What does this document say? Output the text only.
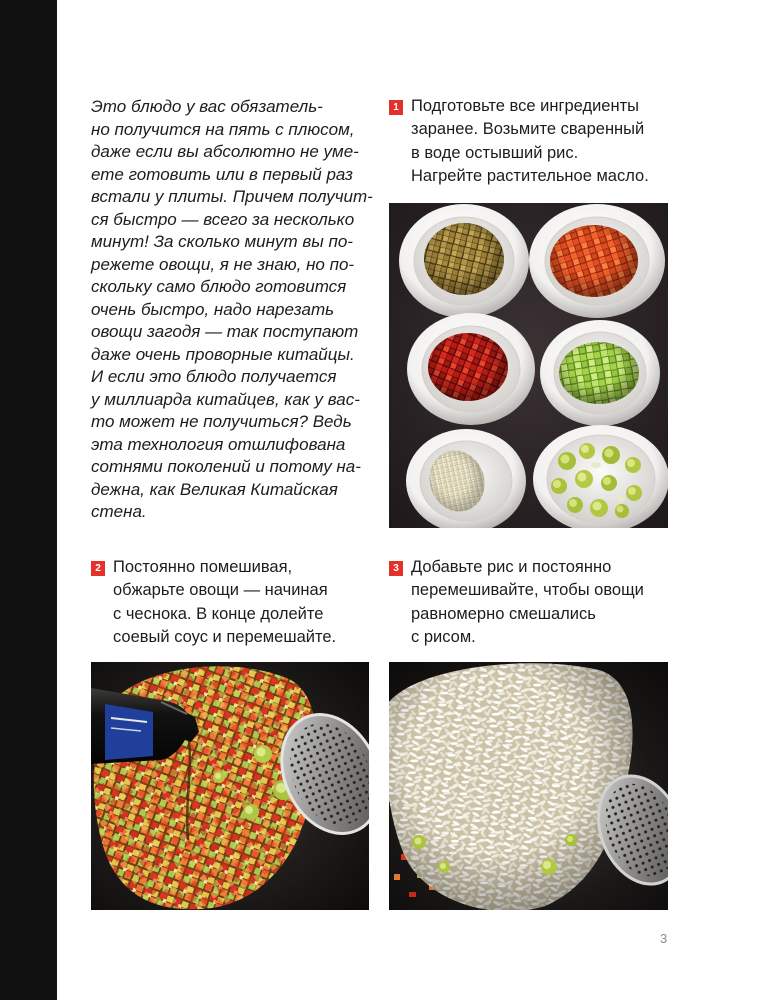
Это блюдо у вас обязатель-
но получится на пять с плюсом,
даже если вы абсолютно не уме-
ете готовить или в первый раз
встали у плиты. Причем получит-
ся быстро — всего за несколько
минут! За сколько минут вы по-
режете овощи, я не знаю, но по-
скольку само блюдо готовится
очень быстро, надо нарезать
овощи загодя — так поступают
даже очень проворные китайцы.
И если это блюдо получается
у миллиарда китайцев, как у вас-
то может не получиться? Ведь
эта технология отшлифована
сотнями поколений и потому на-
дежна, как Великая Китайская
стена.
1 Подготовьте все ингредиенты
заранее. Возьмите сваренный
в воде остывший рис.
Нагрейте растительное масло.
2 Постоянно помешивая,
обжарьте овощи — начиная
с чеснока. В конце долейте
соевый соус и перемешайте.
3 Добавьте рис и постоянно
перемешивайте, чтобы овощи
равномерно смешались
с рисом.
3
